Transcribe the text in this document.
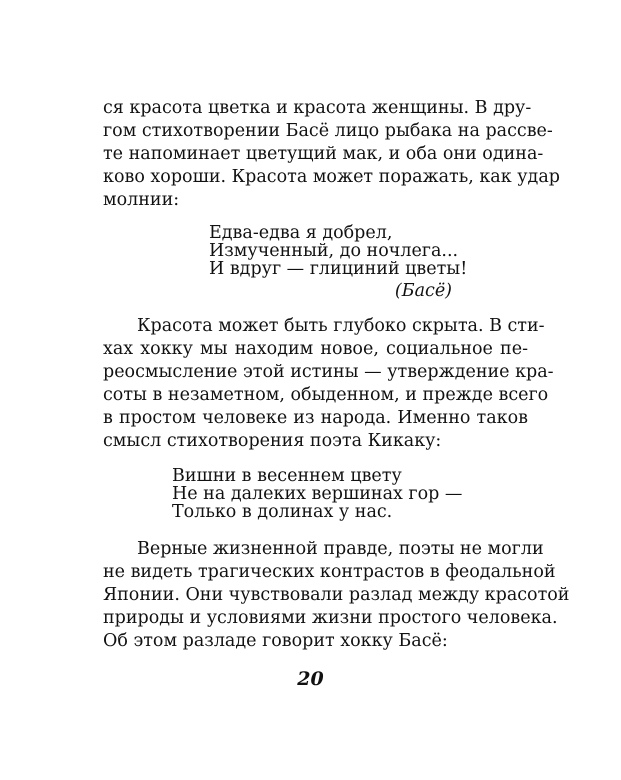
ся красота цветка и красота женщины. В дру-
гом стихотворении Басё лицо рыбака на рассве-
те напоминает цветущий мак, и оба они одина-
ково хороши. Красота может поражать, как удар
молнии:
Едва-едва я добрел,
Измученный, до ночлега...
И вдруг — глициний цветы!
(Басё)
Красота может быть глубоко скрыта. В сти-
хах хокку мы находим новое, социальное пе-
реосмысление этой истины — утверждение кра-
соты в незаметном, обыденном, и прежде всего
в простом человеке из народа. Именно таков
смысл стихотворения поэта Кикаку:
Вишни в весеннем цвету
Не на далеких вершинах гор —
Только в долинах у нас.
Верные жизненной правде, поэты не могли
не видеть трагических контрастов в феодальной
Японии. Они чувствовали разлад между красотой
природы и условиями жизни простого человека.
Об этом разладе говорит хокку Басё:
20
